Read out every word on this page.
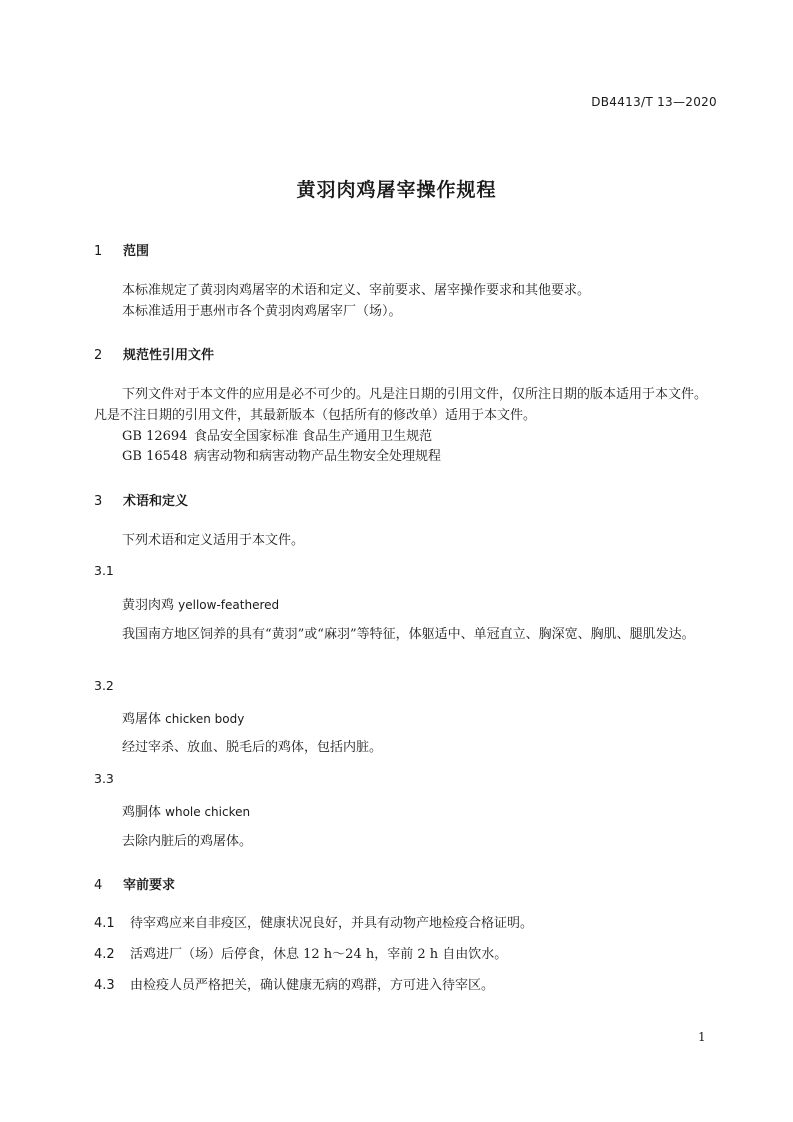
DB4413/T 13—2020
黄羽肉鸡屠宰操作规程
1 范围
本标准规定了黄羽肉鸡屠宰的术语和定义、宰前要求、屠宰操作要求和其他要求。
本标准适用于惠州市各个黄羽肉鸡屠宰厂（场）。
2 规范性引用文件
下列文件对于本文件的应用是必不可少的。凡是注日期的引用文件，仅所注日期的版本适用于本文件。凡是不注日期的引用文件，其最新版本（包括所有的修改单）适用于本文件。
GB 12694 食品安全国家标准 食品生产通用卫生规范
GB 16548 病害动物和病害动物产品生物安全处理规程
3 术语和定义
下列术语和定义适用于本文件。
3.1
黄羽肉鸡 yellow-feathered
我国南方地区饲养的具有“黄羽”或“麻羽”等特征，体躯适中、单冠直立、胸深宽、胸肌、腿肌发达。
3.2
鸡屠体 chicken body
经过宰杀、放血、脱毛后的鸡体，包括内脏。
3.3
鸡胴体 whole chicken
去除内脏后的鸡屠体。
4 宰前要求
4.1 待宰鸡应来自非疫区，健康状况良好，并具有动物产地检疫合格证明。
4.2 活鸡进厂（场）后停食，休息 12 h～24 h，宰前 2 h 自由饮水。
4.3 由检疫人员严格把关，确认健康无病的鸡群，方可进入待宰区。
1
